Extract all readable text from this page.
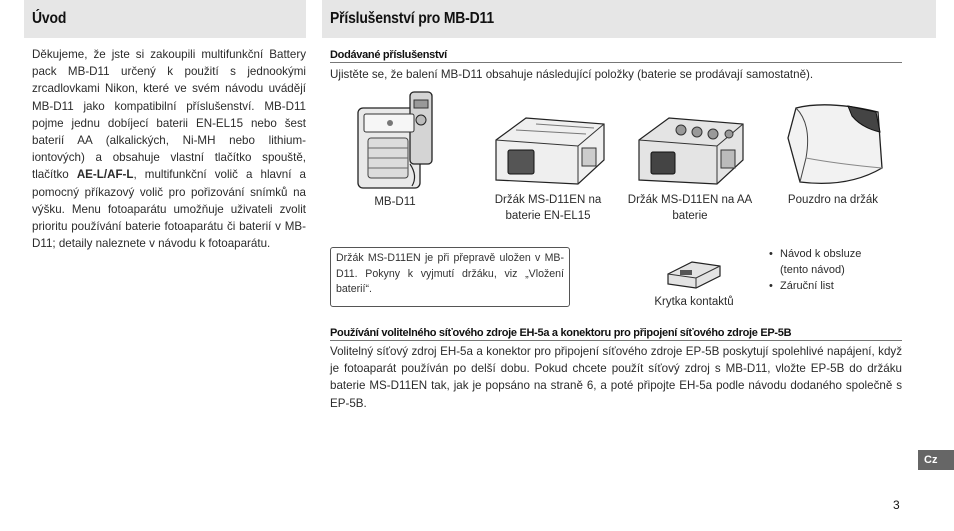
Úvod	Příslušenství pro MB-D11
Děkujeme, že jste si zakoupili multifunkční Battery pack MB-D11 určený k použití s jednookými zrcadlovkami Nikon, které ve svém návodu uvádějí MB-D11 jako kompatibilní příslušenství. MB-D11 pojme jednu dobíjecí baterii EN-EL15 nebo šest baterií AA (alkalických, Ni-MH nebo lithium-iontových) a obsahuje vlastní tlačítko spouště, tlačítko AE-L/AF-L, multifunkční volič a hlavní a pomocný příkazový volič pro pořizování snímků na výšku. Menu fotoaparátu umožňuje uživateli zvolit prioritu používání baterie fotoaparátu či baterií v MB-D11; detaily naleznete v návodu k fotoaparátu.
Dodávané příslušenství
Ujistěte se, že balení MB-D11 obsahuje následující položky (baterie se prodávají samostatně).
MB-D11	Držák MS-D11EN na baterie EN-EL15
Držák MS-D11EN na AA baterie
Pouzdro na držák
Držák MS-D11EN je při přepravě uložen v MB-D11. Pokyny k vyjmutí držáku, viz „Vložení baterií“.
Krytka kontaktů
• Návod k obsluze (tento návod)
• Záruční list
Používání volitelného síťového zdroje EH-5a a konektoru pro připojení síťového zdroje EP-5B
Volitelný síťový zdroj EH-5a a konektor pro připojení síťového zdroje EP-5B poskytují spolehlivé napájení, když je fotoaparát používán po delší dobu. Pokud chcete použít síťový zdroj s MB-D11, vložte EP-5B do držáku baterie MS-D11EN tak, jak je popsáno na straně 6, a poté připojte EH-5a podle návodu dodaného společně s EP-5B.
Cz
3
